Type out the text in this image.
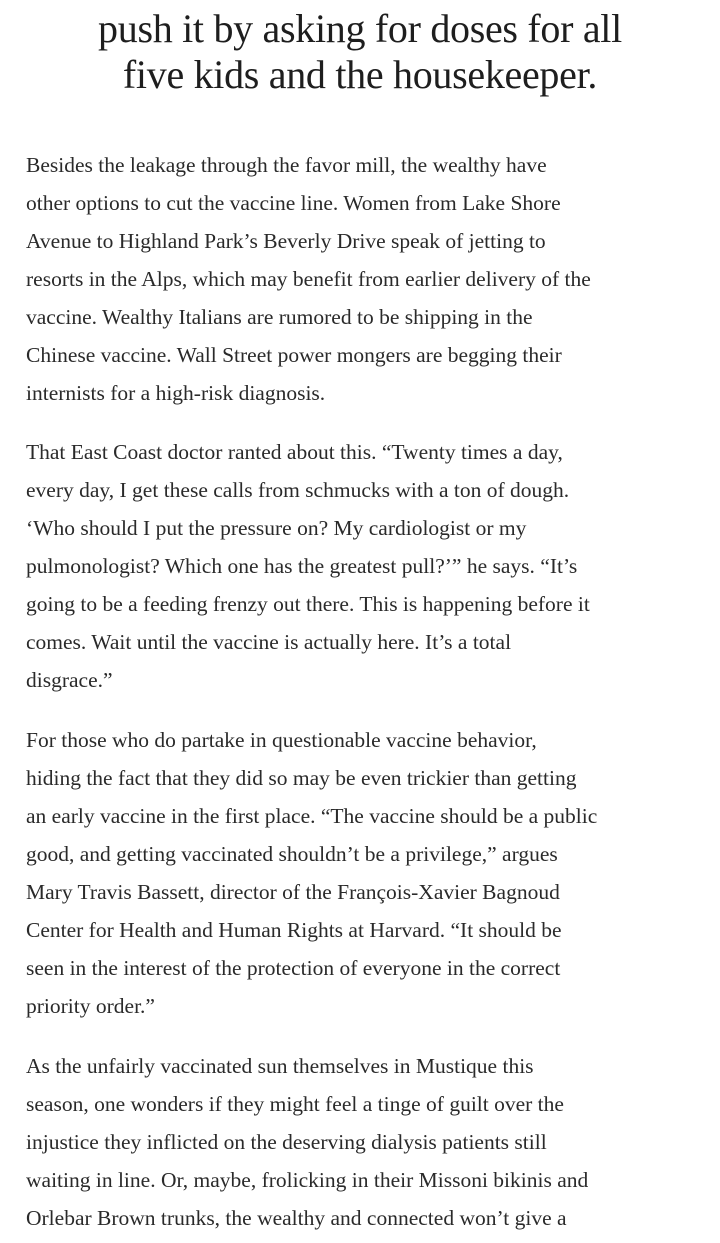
push it by asking for doses for all
five kids and the housekeeper.

Besides the leakage through the favor mill, the wealthy have
other options to cut the vaccine line. Women from Lake Shore
Avenue to Highland Park’s Beverly Drive speak of jetting to
resorts in the Alps, which may benefit from earlier delivery of the
vaccine. Wealthy Italians are rumored to be shipping in the
Chinese vaccine. Wall Street power mongers are begging their
internists for a high-risk diagnosis.

That East Coast doctor ranted about this. “Twenty times a day,
every day, I get these calls from schmucks with a ton of dough.
‘Who should I put the pressure on? My cardiologist or my
pulmonologist? Which one has the greatest pull?’” he says. “It’s
going to be a feeding frenzy out there. This is happening before it
comes. Wait until the vaccine is actually here. It’s a total
disgrace.”

For those who do partake in questionable vaccine behavior,
hiding the fact that they did so may be even trickier than getting
an early vaccine in the first place. “The vaccine should be a public
good, and getting vaccinated shouldn’t be a privilege,” argues
Mary Travis Bassett, director of the François-Xavier Bagnoud
Center for Health and Human Rights at Harvard. “It should be
seen in the interest of the protection of everyone in the correct
priority order.”

As the unfairly vaccinated sun themselves in Mustique this
season, one wonders if they might feel a tinge of guilt over the
injustice they inflicted on the deserving dialysis patients still
waiting in line. Or, maybe, frolicking in their Missoni bikinis and
Orlebar Brown trunks, the wealthy and connected won’t give a
